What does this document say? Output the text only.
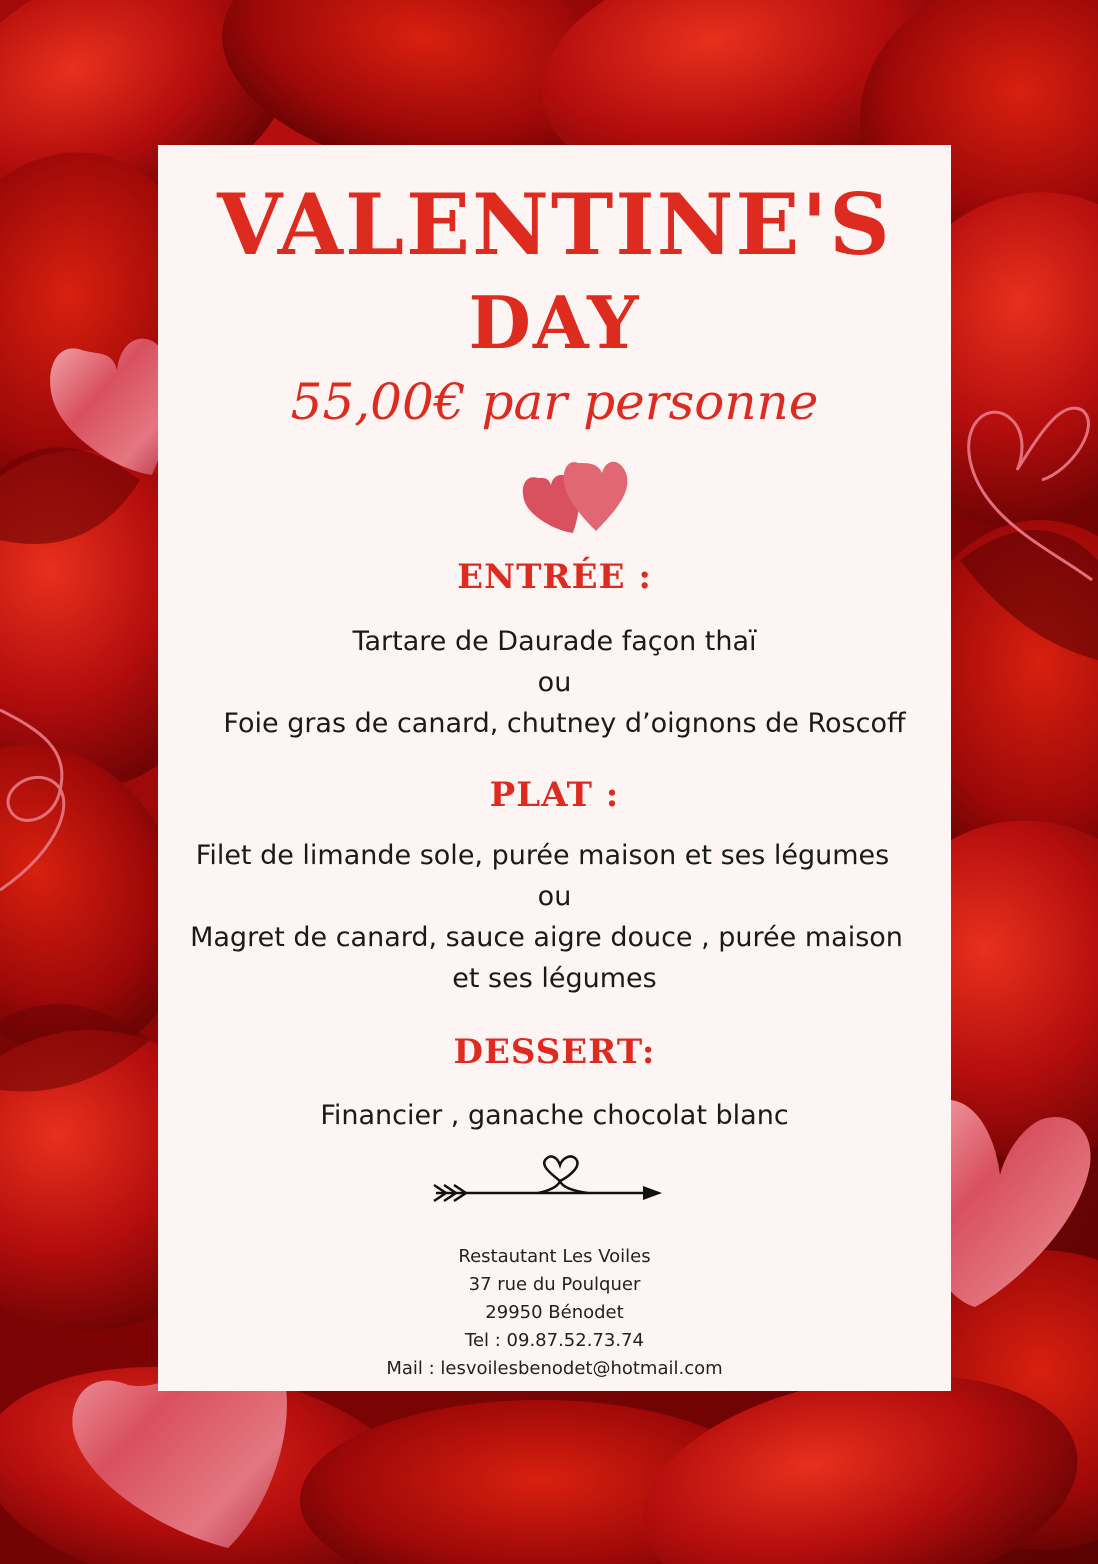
VALENTINE'S
DAY
55,00€ par personne
ENTRÉE :
Tartare de Daurade façon thaï
ou
Foie gras de canard, chutney d’oignons de Roscoff
PLAT :
Filet de limande sole, purée maison et ses légumes
ou
Magret de canard, sauce aigre douce , purée maison
et ses légumes
DESSERT:
Financier , ganache chocolat blanc
Restautant Les Voiles
37 rue du Poulquer
29950 Bénodet
Tel : 09.87.52.73.74
Mail : lesvoilesbenodet@hotmail.com
